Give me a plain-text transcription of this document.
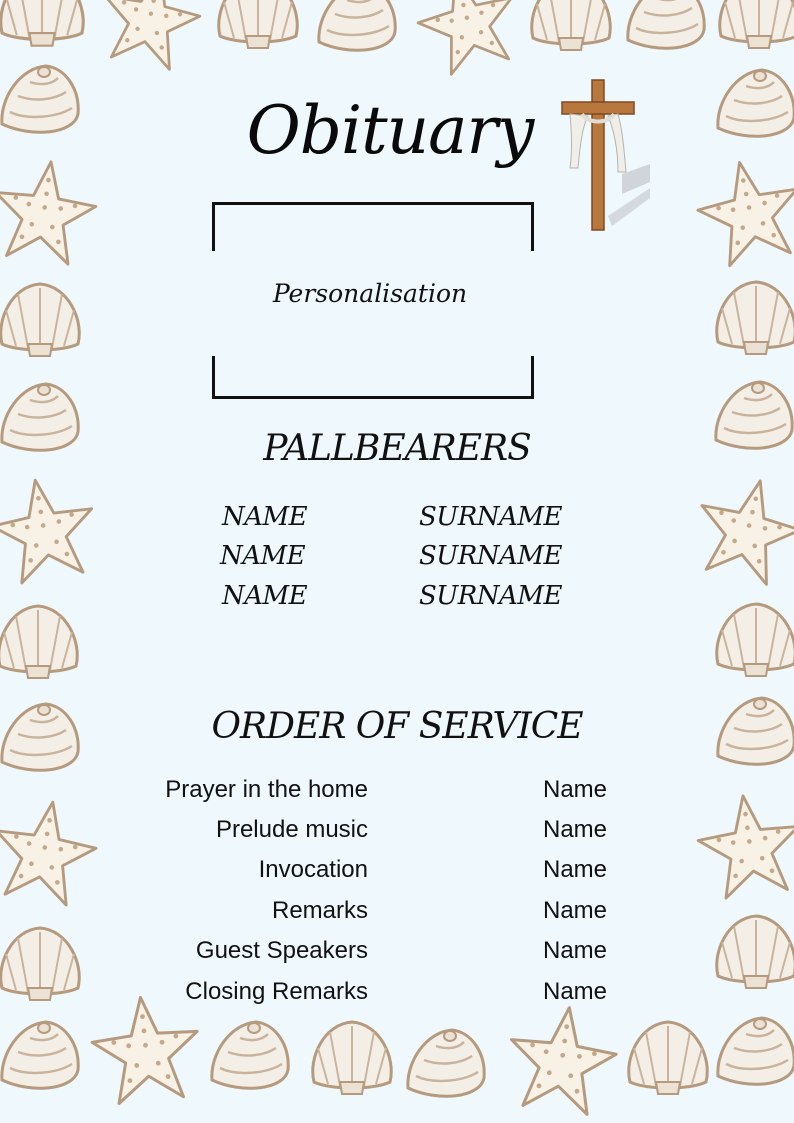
Obituary
Personalisation
PALLBEARERS
NAME	SURNAME
NAME	SURNAME
NAME	SURNAME
ORDER OF SERVICE
Prayer in the home	Name
Prelude music	Name
Invocation	Name
Remarks	Name
Guest Speakers	Name
Closing Remarks	Name
